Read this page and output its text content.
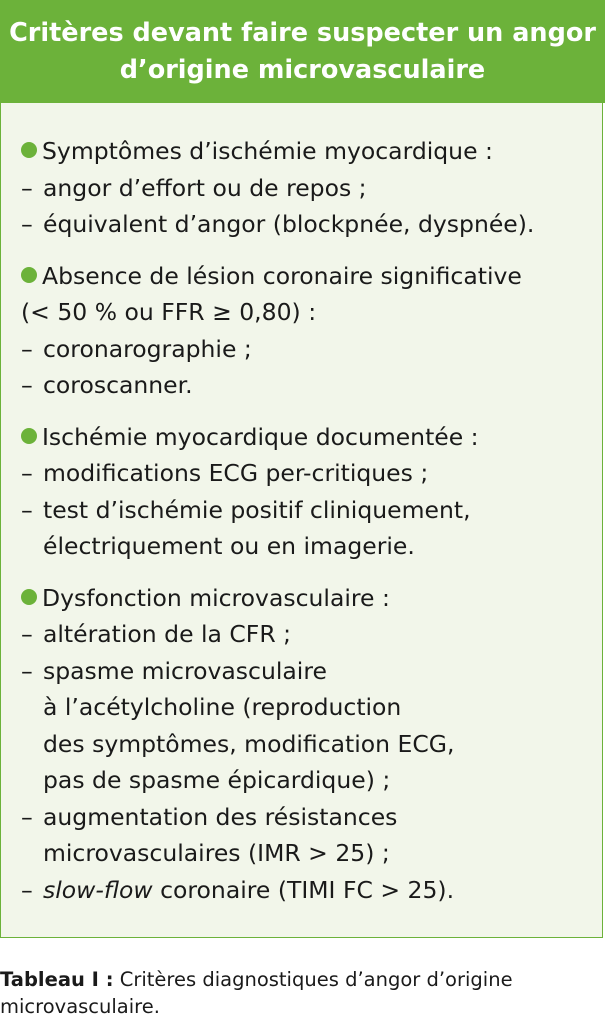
Critères devant faire suspecter un angor
d’origine microvasculaire
Symptômes d’ischémie myocardique :
– angor d’effort ou de repos ;
– équivalent d’angor (blockpnée, dyspnée).
Absence de lésion coronaire significative
(< 50 % ou FFR ≥ 0,80) :
– coronarographie ;
– coroscanner.
Ischémie myocardique documentée :
– modifications ECG per-critiques ;
– test d’ischémie positif cliniquement,
électriquement ou en imagerie.
Dysfonction microvasculaire :
– altération de la CFR ;
– spasme microvasculaire
à l’acétylcholine (reproduction
des symptômes, modification ECG,
pas de spasme épicardique) ;
– augmentation des résistances
microvasculaires (IMR > 25) ;
– slow-flow coronaire (TIMI FC > 25).
Tableau I : Critères diagnostiques d’angor d’origine
microvasculaire.
